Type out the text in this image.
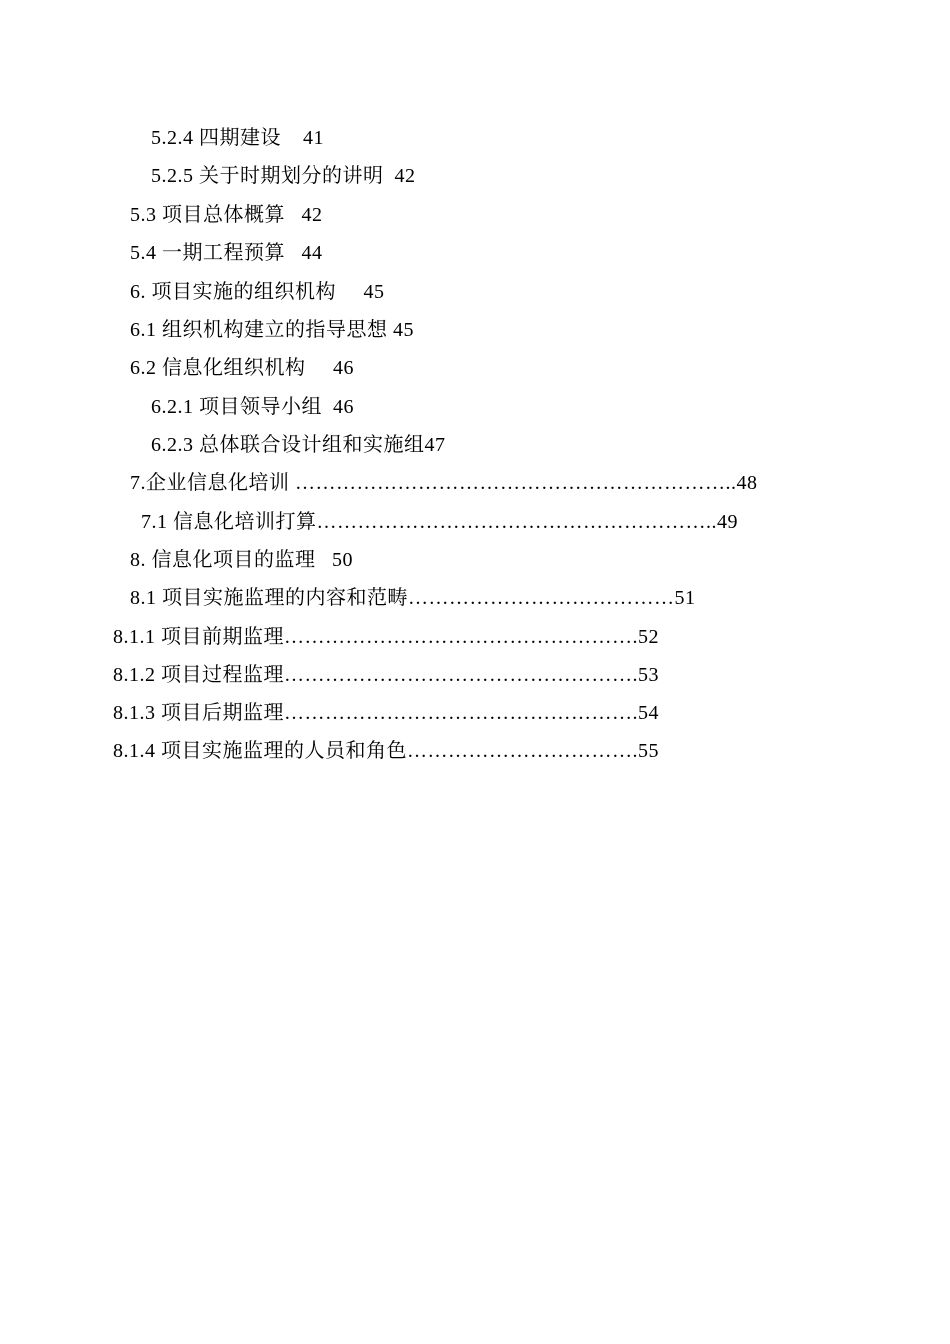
5.2.4 四期建设    41
5.2.5 关于时期划分的讲明  42
5.3 项目总体概算   42
5.4 一期工程预算   44
6. 项目实施的组织机构     45
6.1 组织机构建立的指导思想 45
6.2 信息化组织机构     46
6.2.1 项目领导小组  46
6.2.3 总体联合设计组和实施组47
7.企业信息化培训 ………………………………………………………..48
7.1 信息化培训打算…………………………………………………..49
8. 信息化项目的监理   50
8.1 项目实施监理的内容和范畴…………………………………51
8.1.1 项目前期监理…………………………………………….52
8.1.2 项目过程监理…………………………………………….53
8.1.3 项目后期监理…………………………………………….54
8.1.4 项目实施监理的人员和角色…………………………….55
